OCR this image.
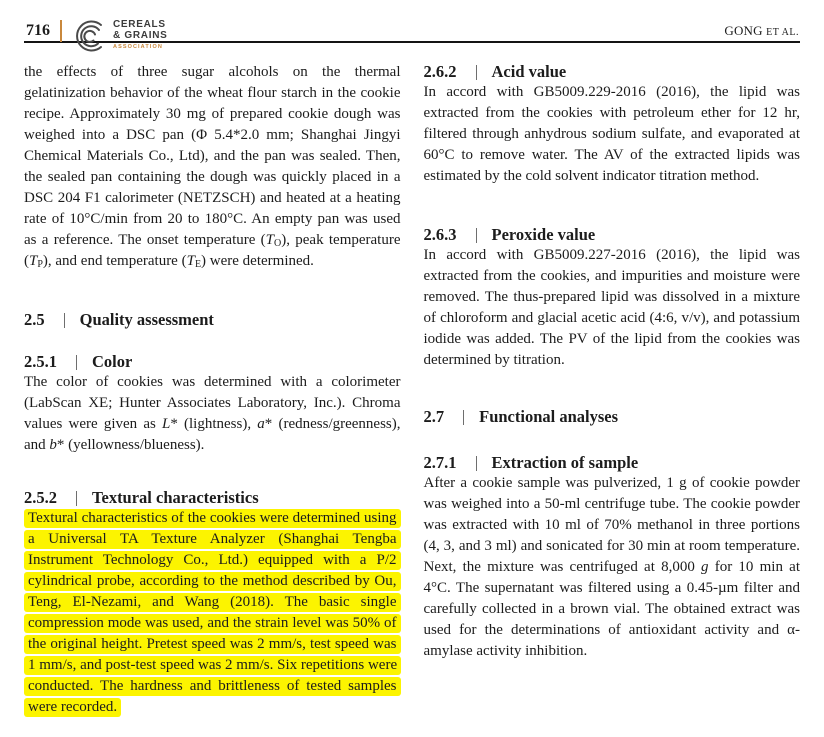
716	CEREALS
& GRAINS
ASSOCIATION
GONG ET AL.

the effects of three sugar alcohols on the thermal gelatinization behavior of the wheat flour starch in the cookie recipe. Approximately 30 mg of prepared cookie dough was weighed into a DSC pan (Φ 5.4*2.0 mm; Shanghai Jingyi Chemical Materials Co., Ltd), and the pan was sealed. Then, the sealed pan containing the dough was quickly placed in a DSC 204 F1 calorimeter (NETZSCH) and heated at a heating rate of 10°C/min from 20 to 180°C. An empty pan was used as a reference. The onset temperature $(T_O)$, peak temperature $(T_P)$, and end temperature $(T_E)$ were determined.

2.5 Quality assessment
2.5.1 Color

The color of cookies was determined with a colorimeter (LabScan XE; Hunter Associates Laboratory, Inc.). Chroma values were given as L* (lightness), a* (redness/greenness), and b* (yellowness/blueness).

2.5.2 Textural characteristics

Textural characteristics of the cookies were determined using a Universal TA Texture Analyzer (Shanghai Tengba Instrument Technology Co., Ltd.) equipped with a P/2 cylindrical probe, according to the method described by Ou, Teng, El-Nezami, and Wang (2018). The basic single compression mode was used, and the strain level was 50% of the original height. Pretest speed was 2 mm/s, test speed was 1 mm/s, and post-test speed was 2 mm/s. Six repetitions were conducted. The hardness and brittleness of tested samples were recorded.

2.6.2 Acid value

In accord with GB5009.229-2016 (2016), the lipid was extracted from the cookies with petroleum ether for 12 hr, filtered through anhydrous sodium sulfate, and evaporated at 60°C to remove water. The AV of the extracted lipids was estimated by the cold solvent indicator titration method.

2.6.3 Peroxide value

In accord with GB5009.227-2016 (2016), the lipid was extracted from the cookies, and impurities and moisture were removed. The thus-prepared lipid was dissolved in a mixture of chloroform and glacial acetic acid (4:6, v/v), and potassium iodide was added. The PV of the lipid from the cookies was determined by titration.

2.7 Functional analyses
2.7.1 Extraction of sample

After a cookie sample was pulverized, 1 g of cookie powder was weighed into a 50-ml centrifuge tube. The cookie powder was extracted with 10 ml of 70% methanol in three portions (4, 3, and 3 ml) and sonicated for 30 min at room temperature. Next, the mixture was centrifuged at 8,000 g for 10 min at 4°C. The supernatant was filtered using a 0.45-µm filter and carefully collected in a brown vial. The obtained extract was used for the determinations of antioxidant activity and α-amylase activity inhibition.
